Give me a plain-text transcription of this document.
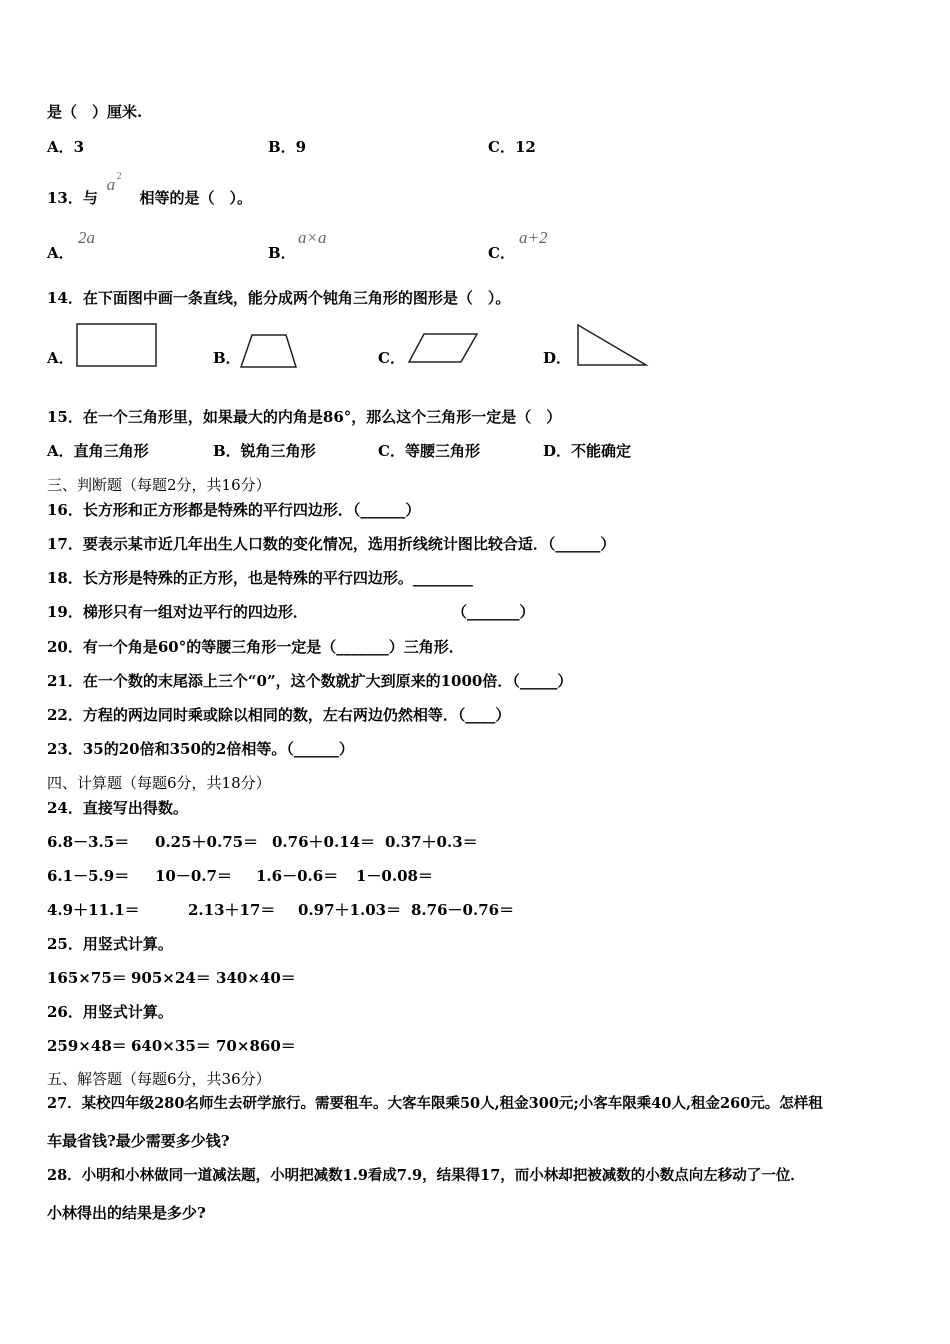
是（　）厘米.
A．3	B．9	C．12
13．与
a 2
相等的是（　）。
A．
2a
B．
a×a
C．
a+2
14．在下面图中画一条直线，能分成两个钝角三角形的图形是（　）。
A．	B．	C．	D．
15．在一个三角形里，如果最大的内角是86°，那么这个三角形一定是（　）
A．直角三角形	B．锐角三角形	C．等腰三角形	D．不能确定
三、判断题（每题2分，共16分）
16．长方形和正方形都是特殊的平行四边形．（______）
17．要表示某市近几年出生人口数的变化情况，选用折线统计图比较合适．（______）
18．长方形是特殊的正方形，也是特殊的平行四边形。________
19．梯形只有一组对边平行的四边形．	（_______）
20．有一个角是60°的等腰三角形一定是（_______）三角形．
21．在一个数的末尾添上三个“0”，这个数就扩大到原来的1000倍．（_____）
22．方程的两边同时乘或除以相同的数，左右两边仍然相等．（____）
23．35的20倍和350的2倍相等。（______）
四、计算题（每题6分，共18分）
24．直接写出得数。
6.8－3.5＝ 0.25＋0.75＝ 0.76＋0.14＝ 0.37＋0.3＝
6.1－5.9＝ 10－0.7＝ 1.6－0.6＝ 1－0.08＝
4.9＋11.1＝	2.13＋17＝ 0.97＋1.03＝ 8.76－0.76＝
25．用竖式计算。
165×75＝ 905×24＝ 340×40＝
26．用竖式计算。
259×48＝ 640×35＝ 70×860＝
五、解答题（每题6分，共36分）
27．某校四年级280名师生去研学旅行。需要租车。大客车限乘50人,租金300元;小客车限乘40人,租金260元。怎样租
车最省钱?最少需要多少钱?
28．小明和小林做同一道减法题，小明把减数1.9看成7.9，结果得17，而小林却把被减数的小数点向左移动了一位．
小林得出的结果是多少?
